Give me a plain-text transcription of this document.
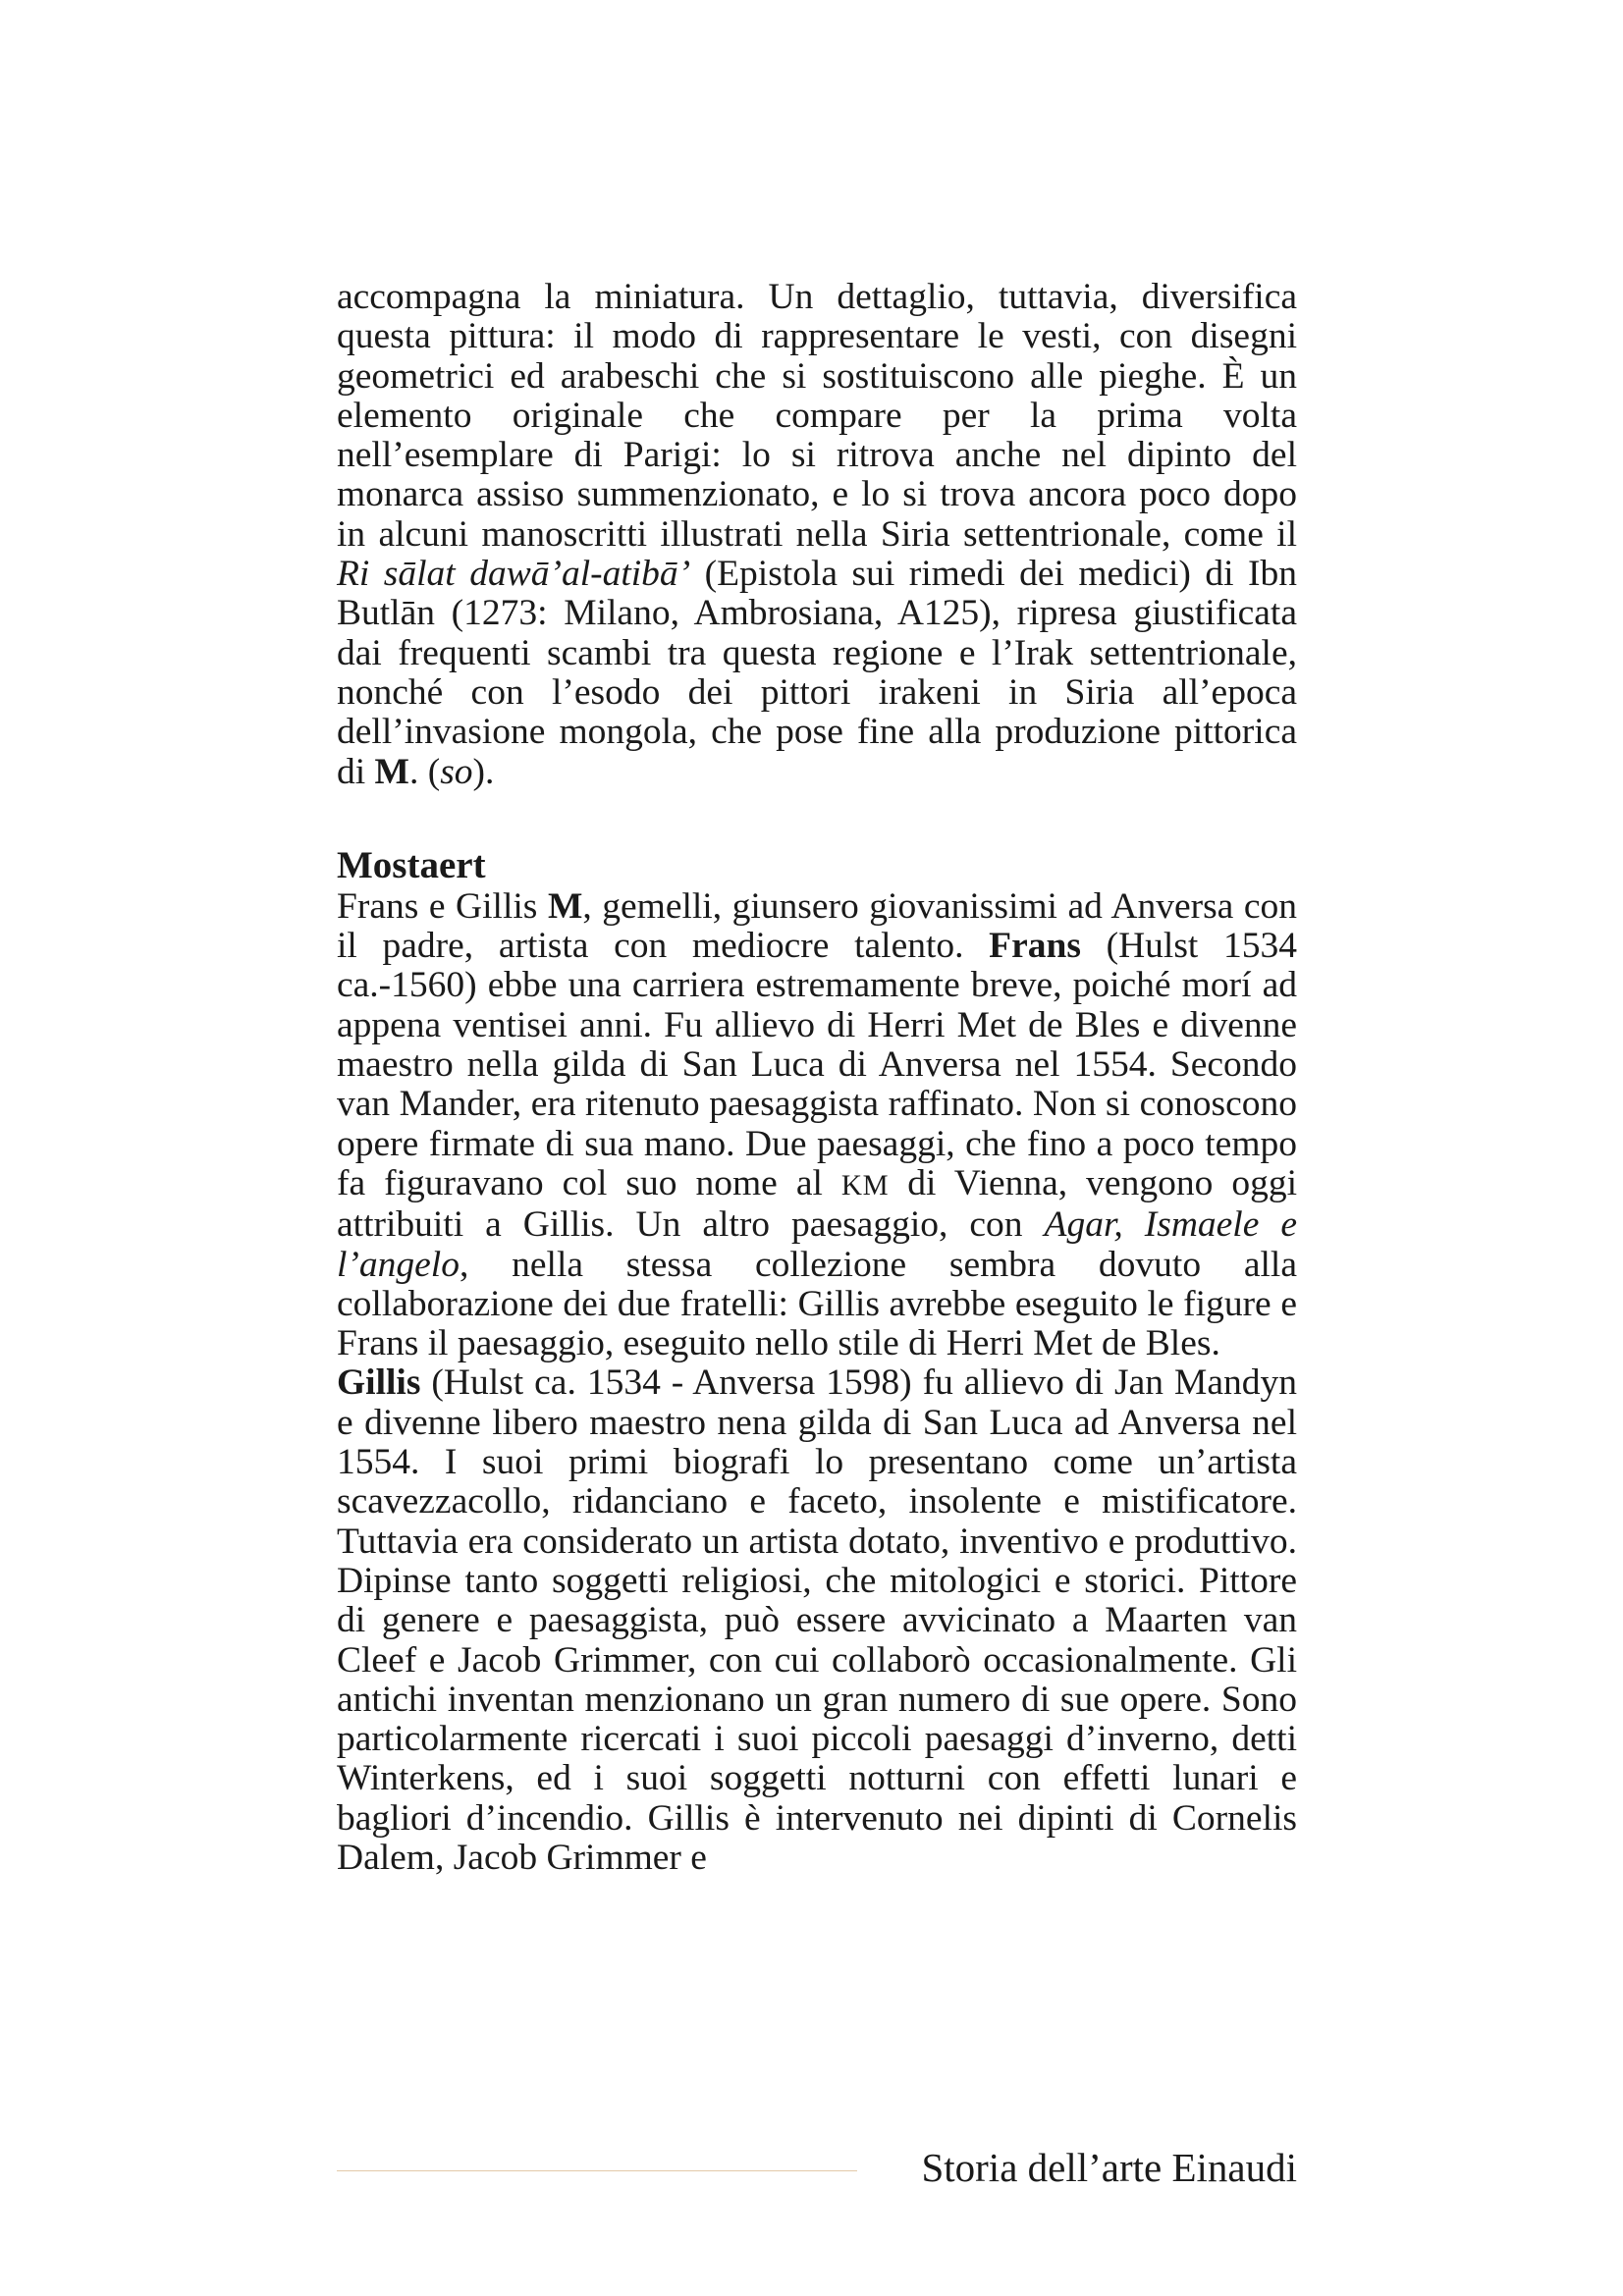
accompagna la miniatura. Un dettaglio, tuttavia, diversifica questa pittura: il modo di rappresentare le vesti, con disegni geometrici ed arabeschi che si sostituiscono alle pieghe. È un elemento originale che compare per la prima volta nell’esemplare di Parigi: lo si ritrova anche nel dipinto del monarca assiso summenzionato, e lo si trova ancora poco dopo in alcuni manoscritti illustrati nella Siria settentrionale, come il Ri sālat dawā’al-atibā’ (Epistola sui rimedi dei medici) di Ibn Butlān (1273: Milano, Ambrosiana, A125), ripresa giustificata dai frequenti scambi tra questa regione e l’Irak settentrionale, nonché con l’esodo dei pittori irakeni in Siria all’epoca dell’invasione mongola, che pose fine alla produzione pittorica di M. (so).

Mostaert

Frans e Gillis M, gemelli, giunsero giovanissimi ad Anversa con il padre, artista con mediocre talento. Frans (Hulst 1534 ca.-1560) ebbe una carriera estremamente breve, poiché morí ad appena ventisei anni. Fu allievo di Herri Met de Bles e divenne maestro nella gilda di San Luca di Anversa nel 1554. Secondo van Mander, era ritenuto paesaggista raffinato. Non si conoscono opere firmate di sua mano. Due paesaggi, che fino a poco tempo fa figuravano col suo nome al KM di Vienna, vengono oggi attribuiti a Gillis. Un altro paesaggio, con Agar, Ismaele e l’angelo, nella stessa collezione sembra dovuto alla collaborazione dei due fratelli: Gillis avrebbe eseguito le figure e Frans il paesaggio, eseguito nello stile di Herri Met de Bles.

Gillis (Hulst ca. 1534 - Anversa 1598) fu allievo di Jan Mandyn e divenne libero maestro nena gilda di San Luca ad Anversa nel 1554. I suoi primi biografi lo presentano come un’artista scavezzacollo, ridanciano e faceto, insolente e mistificatore. Tuttavia era considerato un artista dotato, inventivo e produttivo. Dipinse tanto soggetti religiosi, che mitologici e storici. Pittore di genere e paesaggista, può essere avvicinato a Maarten van Cleef e Jacob Grimmer, con cui collaborò occasionalmente. Gli antichi inventan menzionano un gran numero di sue opere. Sono particolarmente ricercati i suoi piccoli paesaggi d’inverno, detti Winterkens, ed i suoi soggetti notturni con effetti lunari e bagliori d’incendio. Gillis è intervenuto nei dipinti di Cornelis Dalem, Jacob Grimmer e

Storia dell’arte Einaudi
